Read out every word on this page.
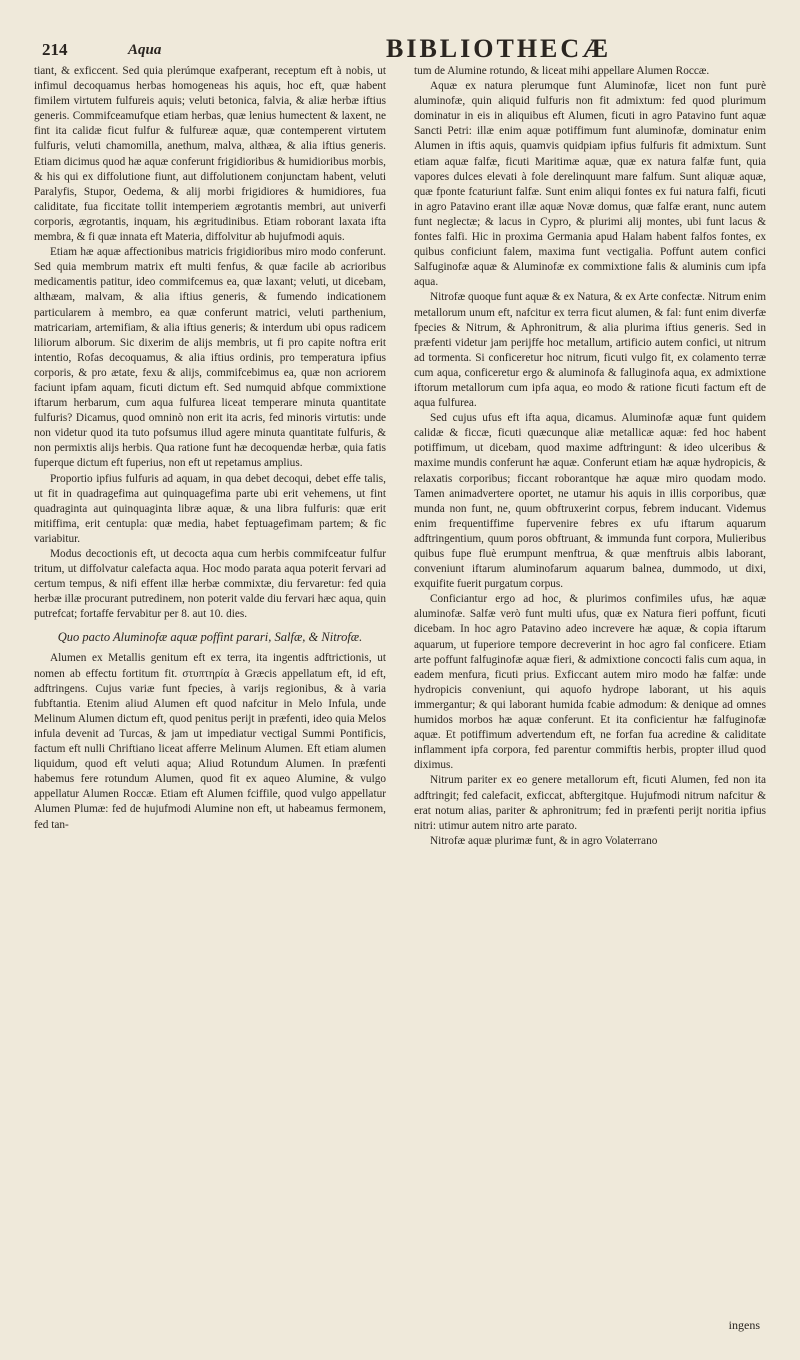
214	Aqua	BIBLIOTHECÆ

tiant, & exficcent. Sed quia plerúmque exafperant, receptum eft à nobis, ut infimul decoquamus herbas homogeneas his aquis, hoc eft, quæ habent fimilem virtutem fulfureis aquis; veluti betonica, falvia, & aliæ herbæ iftius generis. Commifceamufque etiam herbas, quæ lenius humectent & laxent, ne fint ita calidæ ficut fulfur & fulfureæ aquæ, quæ contemperent virtutem fulfuris, veluti chamomilla, anethum, malva, althæa, & alia iftius generis. Etiam dicimus quod hæ aquæ conferunt frigidioribus & humidioribus morbis, & his qui ex diffolutione fiunt, aut diffolutionem conjunctam habent, veluti Paralyfis, Stupor, Oedema, & alij morbi frigidiores & humidiores, fua caliditate, fua ficcitate tollit intemperiem ægrotantis membri, aut univerfi corporis, ægrotantis, inquam, his ægritudinibus. Etiam roborant laxata ifta membra, & fi quæ innata eft Materia, diffolvitur ab hujufmodi aquis.

Etiam hæ aquæ affectionibus matricis frigidioribus miro modo conferunt. Sed quia membrum matrix eft multi fenfus, & quæ facile ab acrioribus medicamentis patitur, ideo commifcemus ea, quæ laxant; veluti, ut dicebam, althæam, malvam, & alia iftius generis, & fumendo indicationem particularem à membro, ea quæ conferunt matrici, veluti parthenium, matricariam, artemifiam, & alia iftius generis; & interdum ubi opus radicem liliorum alborum. Sic dixerim de alijs membris, ut fi pro capite noftra erit intentio, Rofas decoquamus, & alia iftius ordinis, pro temperatura ipfius corporis, & pro ætate, fexu & alijs, commifcebimus ea, quæ non acriorem faciunt ipfam aquam, ficuti dictum eft. Sed numquid abfque commixtione iftarum herbarum, cum aqua fulfurea liceat temperare minuta quantitate fulfuris? Dicamus, quod omninò non erit ita acris, fed minoris virtutis: unde non videtur quod ita tuto pofsumus illud agere minuta quantitate fulfuris, & non permixtis alijs herbis. Qua ratione funt hæ decoquendæ herbæ, quia fatis fuperque dictum eft fuperius, non eft ut repetamus amplius.

Proportio ipfius fulfuris ad aquam, in qua debet decoqui, debet effe talis, ut fit in quadragefima aut quinquagefima parte ubi erit vehemens, ut fint quadraginta aut quinquaginta libræ aquæ, & una libra fulfuris: quæ erit mitiffima, erit centupla: quæ media, habet feptuagefimam partem; & fic variabitur.

Modus decoctionis eft, ut decocta aqua cum herbis commifceatur fulfur tritum, ut diffolvatur calefacta aqua. Hoc modo parata aqua poterit fervari ad certum tempus, & nifi effent illæ herbæ commixtæ, diu fervaretur: fed quia herbæ illæ procurant putredinem, non poterit valde diu fervari hæc aqua, quin putrefcat; fortaffe fervabitur per 8. aut 10. dies.

Quo pacto Aluminofæ aquæ poffint parari, Salfæ, & Nitrofæ.

Alumen ex Metallis genitum eft ex terra, ita ingentis adftrictionis, ut nomen ab effectu fortitum fit. στυπτηρία à Græcis appellatum eft, id eft, adftringens. Cujus variæ funt fpecies, à varijs regionibus, & à varia fubftantia. Etenim aliud Alumen eft quod nafcitur in Melo Infula, unde Melinum Alumen dictum eft, quod penitus perijt in præfenti, ideo quia Melos infula devenit ad Turcas, & jam ut impediatur vectigal Summi Pontificis, factum eft nulli Chriftiano liceat afferre Melinum Alumen. Eft etiam alumen liquidum, quod eft veluti aqua; Aliud Rotundum Alumen. In præfenti habemus fere rotundum Alumen, quod fit ex aqueo Alumine, & vulgo appellatur Alumen Roccæ. Etiam eft Alumen fciffile, quod vulgo appellatur Alumen Plumæ: fed de hujufmodi Alumine non eft, ut habeamus fermonem, fed tan-

tum de Alumine rotundo, & liceat mihi appellare Alumen Roccæ.

Aquæ ex natura plerumque funt Aluminofæ, licet non funt purè aluminofæ, quin aliquid fulfuris non fit admixtum: fed quod plurimum dominatur in eis in aliquibus eft Alumen, ficuti in agro Patavino funt aquæ Sancti Petri: illæ enim aquæ potiffimum funt aluminofæ, dominatur enim Alumen in iftis aquis, quamvis quidpiam ipfius fulfuris fit admixtum. Sunt etiam aquæ falfæ, ficuti Maritimæ aquæ, quæ ex natura falfæ funt, quia vapores dulces elevati à fole derelinquunt mare falfum. Sunt aliquæ aquæ, quæ fponte fcaturiunt falfæ. Sunt enim aliqui fontes ex fui natura falfi, ficuti in agro Patavino erant illæ aquæ Novæ domus, quæ falfæ erant, nunc autem funt neglectæ; & lacus in Cypro, & plurimi alij montes, ubi funt lacus & fontes falfi. Hic in proxima Germania apud Halam habent falfos fontes, ex quibus conficiunt falem, maxima funt vectigalia. Poffunt autem confici Salfuginofæ aquæ & Aluminofæ ex commixtione falis & aluminis cum ipfa aqua.

Nitrofæ quoque funt aquæ & ex Natura, & ex Arte confectæ. Nitrum enim metallorum unum eft, nafcitur ex terra ficut alumen, & fal: funt enim diverfæ fpecies & Nitrum, & Aphronitrum, & alia plurima iftius generis. Sed in præfenti videtur jam perijffe hoc metallum, artificio autem confici, ut nitrum ad tormenta. Si conficeretur hoc nitrum, ficuti vulgo fit, ex colamento terræ cum aqua, conficeretur ergo & aluminofa & falluginofa aqua, ex admixtione iftorum metallorum cum ipfa aqua, eo modo & ratione ficuti factum eft de aqua fulfurea.

Sed cujus ufus eft ifta aqua, dicamus. Aluminofæ aquæ funt quidem calidæ & ficcæ, ficuti quæcunque aliæ metallicæ aquæ: fed hoc habent potiffimum, ut dicebam, quod maxime adftringunt: & ideo ulceribus & maxime mundis conferunt hæ aquæ. Conferunt etiam hæ aquæ hydropicis, & relaxatis corporibus; ficcant roborantque hæ aquæ miro quodam modo. Tamen animadvertere oportet, ne utamur his aquis in illis corporibus, quæ munda non funt, ne, quum obftruxerint corpus, febrem inducant. Videmus enim frequentiffime fupervenire febres ex ufu iftarum aquarum adftringentium, quum poros obftruant, & immunda funt corpora, Mulieribus quibus fupe fluè erumpunt menftrua, & quæ menftruis albis laborant, conveniunt iftarum aluminofarum aquarum balnea, dummodo, ut dixi, exquifite fuerit purgatum corpus.

Conficiantur ergo ad hoc, & plurimos confimiles ufus, hæ aquæ aluminofæ. Salfæ verò funt multi ufus, quæ ex Natura fieri poffunt, ficuti dicebam. In hoc agro Patavino adeo increvere hæ aquæ, & copia iftarum aquarum, ut fuperiore tempore decreverint in hoc agro fal conficere. Etiam arte poffunt falfuginofæ aquæ fieri, & admixtione concocti falis cum aqua, in eadem menfura, ficuti prius. Exficcant autem miro modo hæ falfæ: unde hydropicis conveniunt, qui aquofo hydrope laborant, ut his aquis immergantur; & qui laborant humida fcabie admodum: & denique ad omnes humidos morbos hæ aquæ conferunt. Et ita conficientur hæ falfuginofæ aquæ. Et potiffimum advertendum eft, ne forfan fua acredine & caliditate inflamment ipfa corpora, fed parentur commiftis herbis, propter illud quod diximus.

Nitrum pariter ex eo genere metallorum eft, ficuti Alumen, fed non ita adftringit; fed calefacit, exficcat, abftergitque. Hujufmodi nitrum nafcitur & erat notum alias, pariter & aphronitrum; fed in præfenti perijt noritia ipfius nitri: utimur autem nitro arte parato.

Nitrofæ aquæ plurimæ funt, & in agro Volaterrano

ingens
